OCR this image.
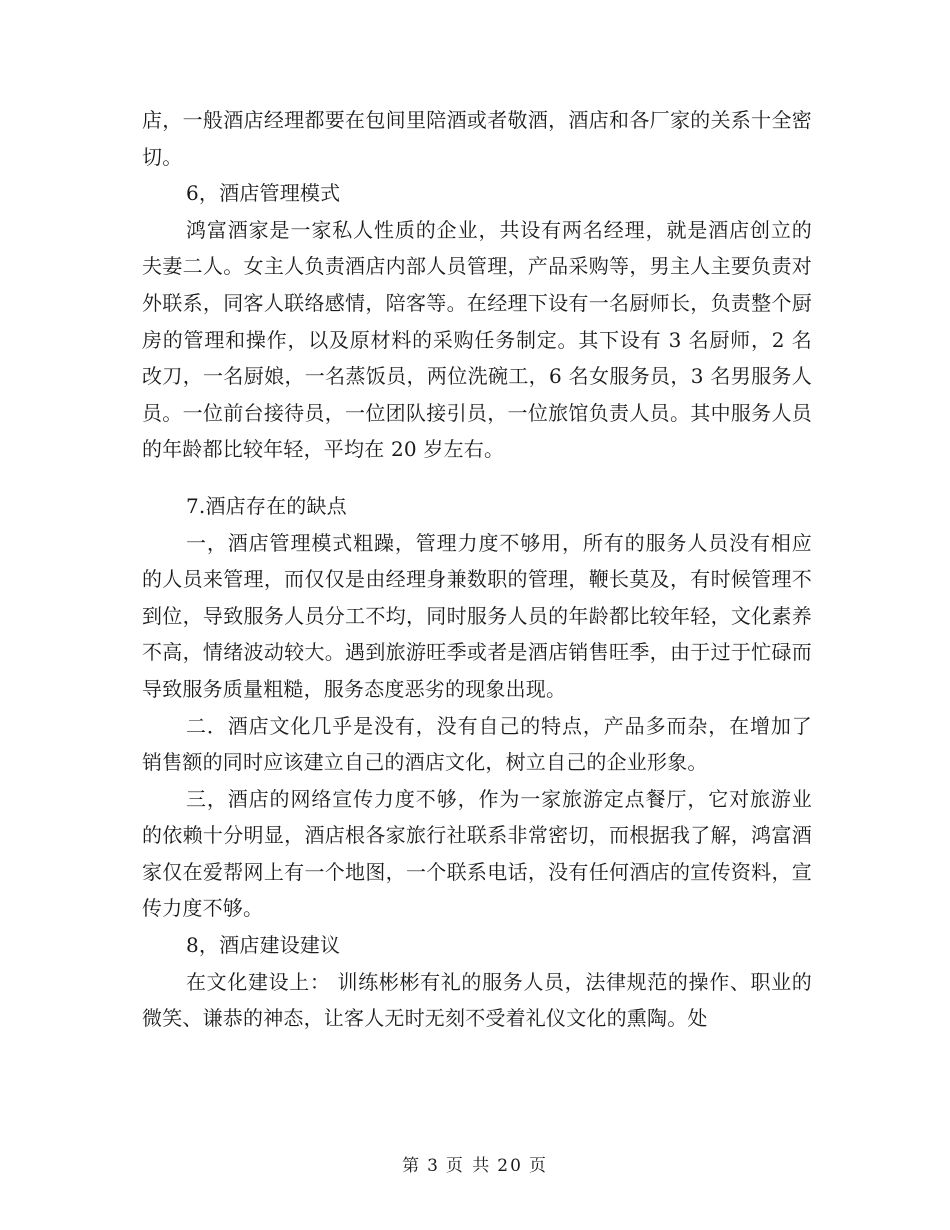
店，一般酒店经理都要在包间里陪酒或者敬酒，酒店和各厂家的关系十全密切。

6，酒店管理模式

鸿富酒家是一家私人性质的企业，共设有两名经理，就是酒店创立的夫妻二人。女主人负责酒店内部人员管理，产品采购等，男主人主要负责对外联系，同客人联络感情，陪客等。在经理下设有一名厨师长，负责整个厨房的管理和操作，以及原材料的采购任务制定。其下设有 3 名厨师，2 名改刀，一名厨娘，一名蒸饭员，两位洗碗工，6 名女服务员，3 名男服务人员。一位前台接待员，一位团队接引员，一位旅馆负责人员。其中服务人员的年龄都比较年轻，平均在 20 岁左右。

7.酒店存在的缺点

一，酒店管理模式粗躁，管理力度不够用，所有的服务人员没有相应的人员来管理，而仅仅是由经理身兼数职的管理，鞭长莫及，有时候管理不到位，导致服务人员分工不均，同时服务人员的年龄都比较年轻，文化素养不高，情绪波动较大。遇到旅游旺季或者是酒店销售旺季，由于过于忙碌而导致服务质量粗糙，服务态度恶劣的现象出现。

二．酒店文化几乎是没有，没有自己的特点，产品多而杂，在增加了销售额的同时应该建立自己的酒店文化，树立自己的企业形象。

三，酒店的网络宣传力度不够，作为一家旅游定点餐厅，它对旅游业的依赖十分明显，酒店根各家旅行社联系非常密切，而根据我了解，鸿富酒家仅在爱帮网上有一个地图，一个联系电话，没有任何酒店的宣传资料，宣传力度不够。

8，酒店建设建议

在文化建设上： 训练彬彬有礼的服务人员，法律规范的操作、职业的微笑、谦恭的神态，让客人无时无刻不受着礼仪文化的熏陶。处

第 3 页 共 20 页
